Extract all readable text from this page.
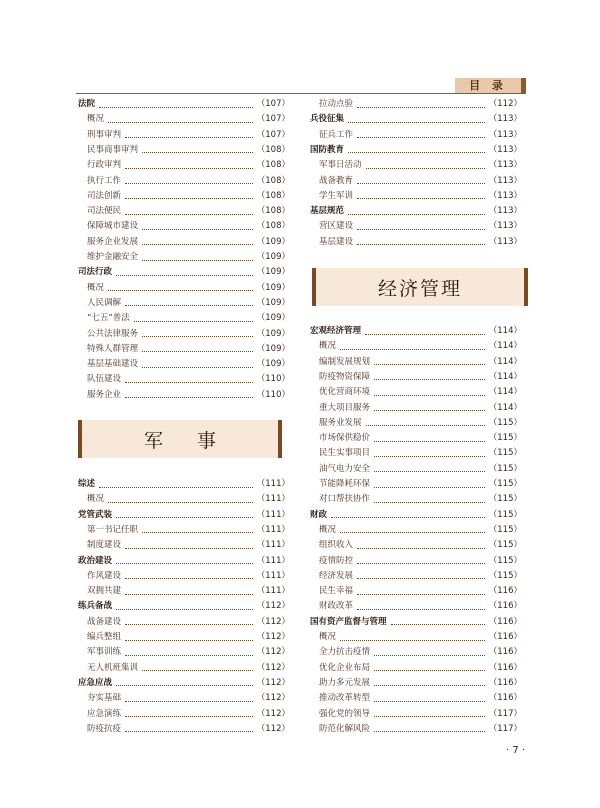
目 录
法院	（107）
概况	（107）
刑事审判	（107）
民事商事审判	（108）
行政审判	（108）
执行工作	（108）
司法创新	（108）
司法便民	（108）
保障城市建设	（108）
服务企业发展	（109）
维护金融安全	（109）
司法行政	（109）
概况	（109）
人民调解	（109）
“七五”普法	（109）
公共法律服务	（109）
特殊人群管理	（109）
基层基础建设	（109）
队伍建设	（110）
服务企业	（110）
军事
综述	（111）
概况	（111）
党管武装	（111）
第一书记任职	（111）
制度建设	（111）
政治建设	（111）
作风建设	（111）
双拥共建	（111）
练兵备战	（112）
战备建设	（112）
编兵整组	（112）
军事训练	（112）
无人机班集训	（112）
应急应战	（112）
夯实基础	（112）
应急演练	（112）
防疫抗疫	（112）
拉动点验	（112）
兵役征集	（113）
征兵工作	（113）
国防教育	（113）
军事日活动	（113）
战备教育	（113）
学生军训	（113）
基层规范	（113）
营区建设	（113）
基层建设	（113）
经济管理
宏观经济管理	（114）
概况	（114）
编制发展规划	（114）
防疫物资保障	（114）
优化营商环境	（114）
重大项目服务	（114）
服务业发展	（115）
市场保供稳价	（115）
民生实事项目	（115）
油气电力安全	（115）
节能降耗环保	（115）
对口帮扶协作	（115）
财政	（115）
概况	（115）
组织收入	（115）
疫情防控	（115）
经济发展	（115）
民生幸福	（116）
财政改革	（116）
国有资产监督与管理	（116）
概况	（116）
全力抗击疫情	（116）
优化企业布局	（116）
助力多元发展	（116）
推动改革转型	（116）
强化党的领导	（117）
防范化解风险	（117）
· 7 ·
